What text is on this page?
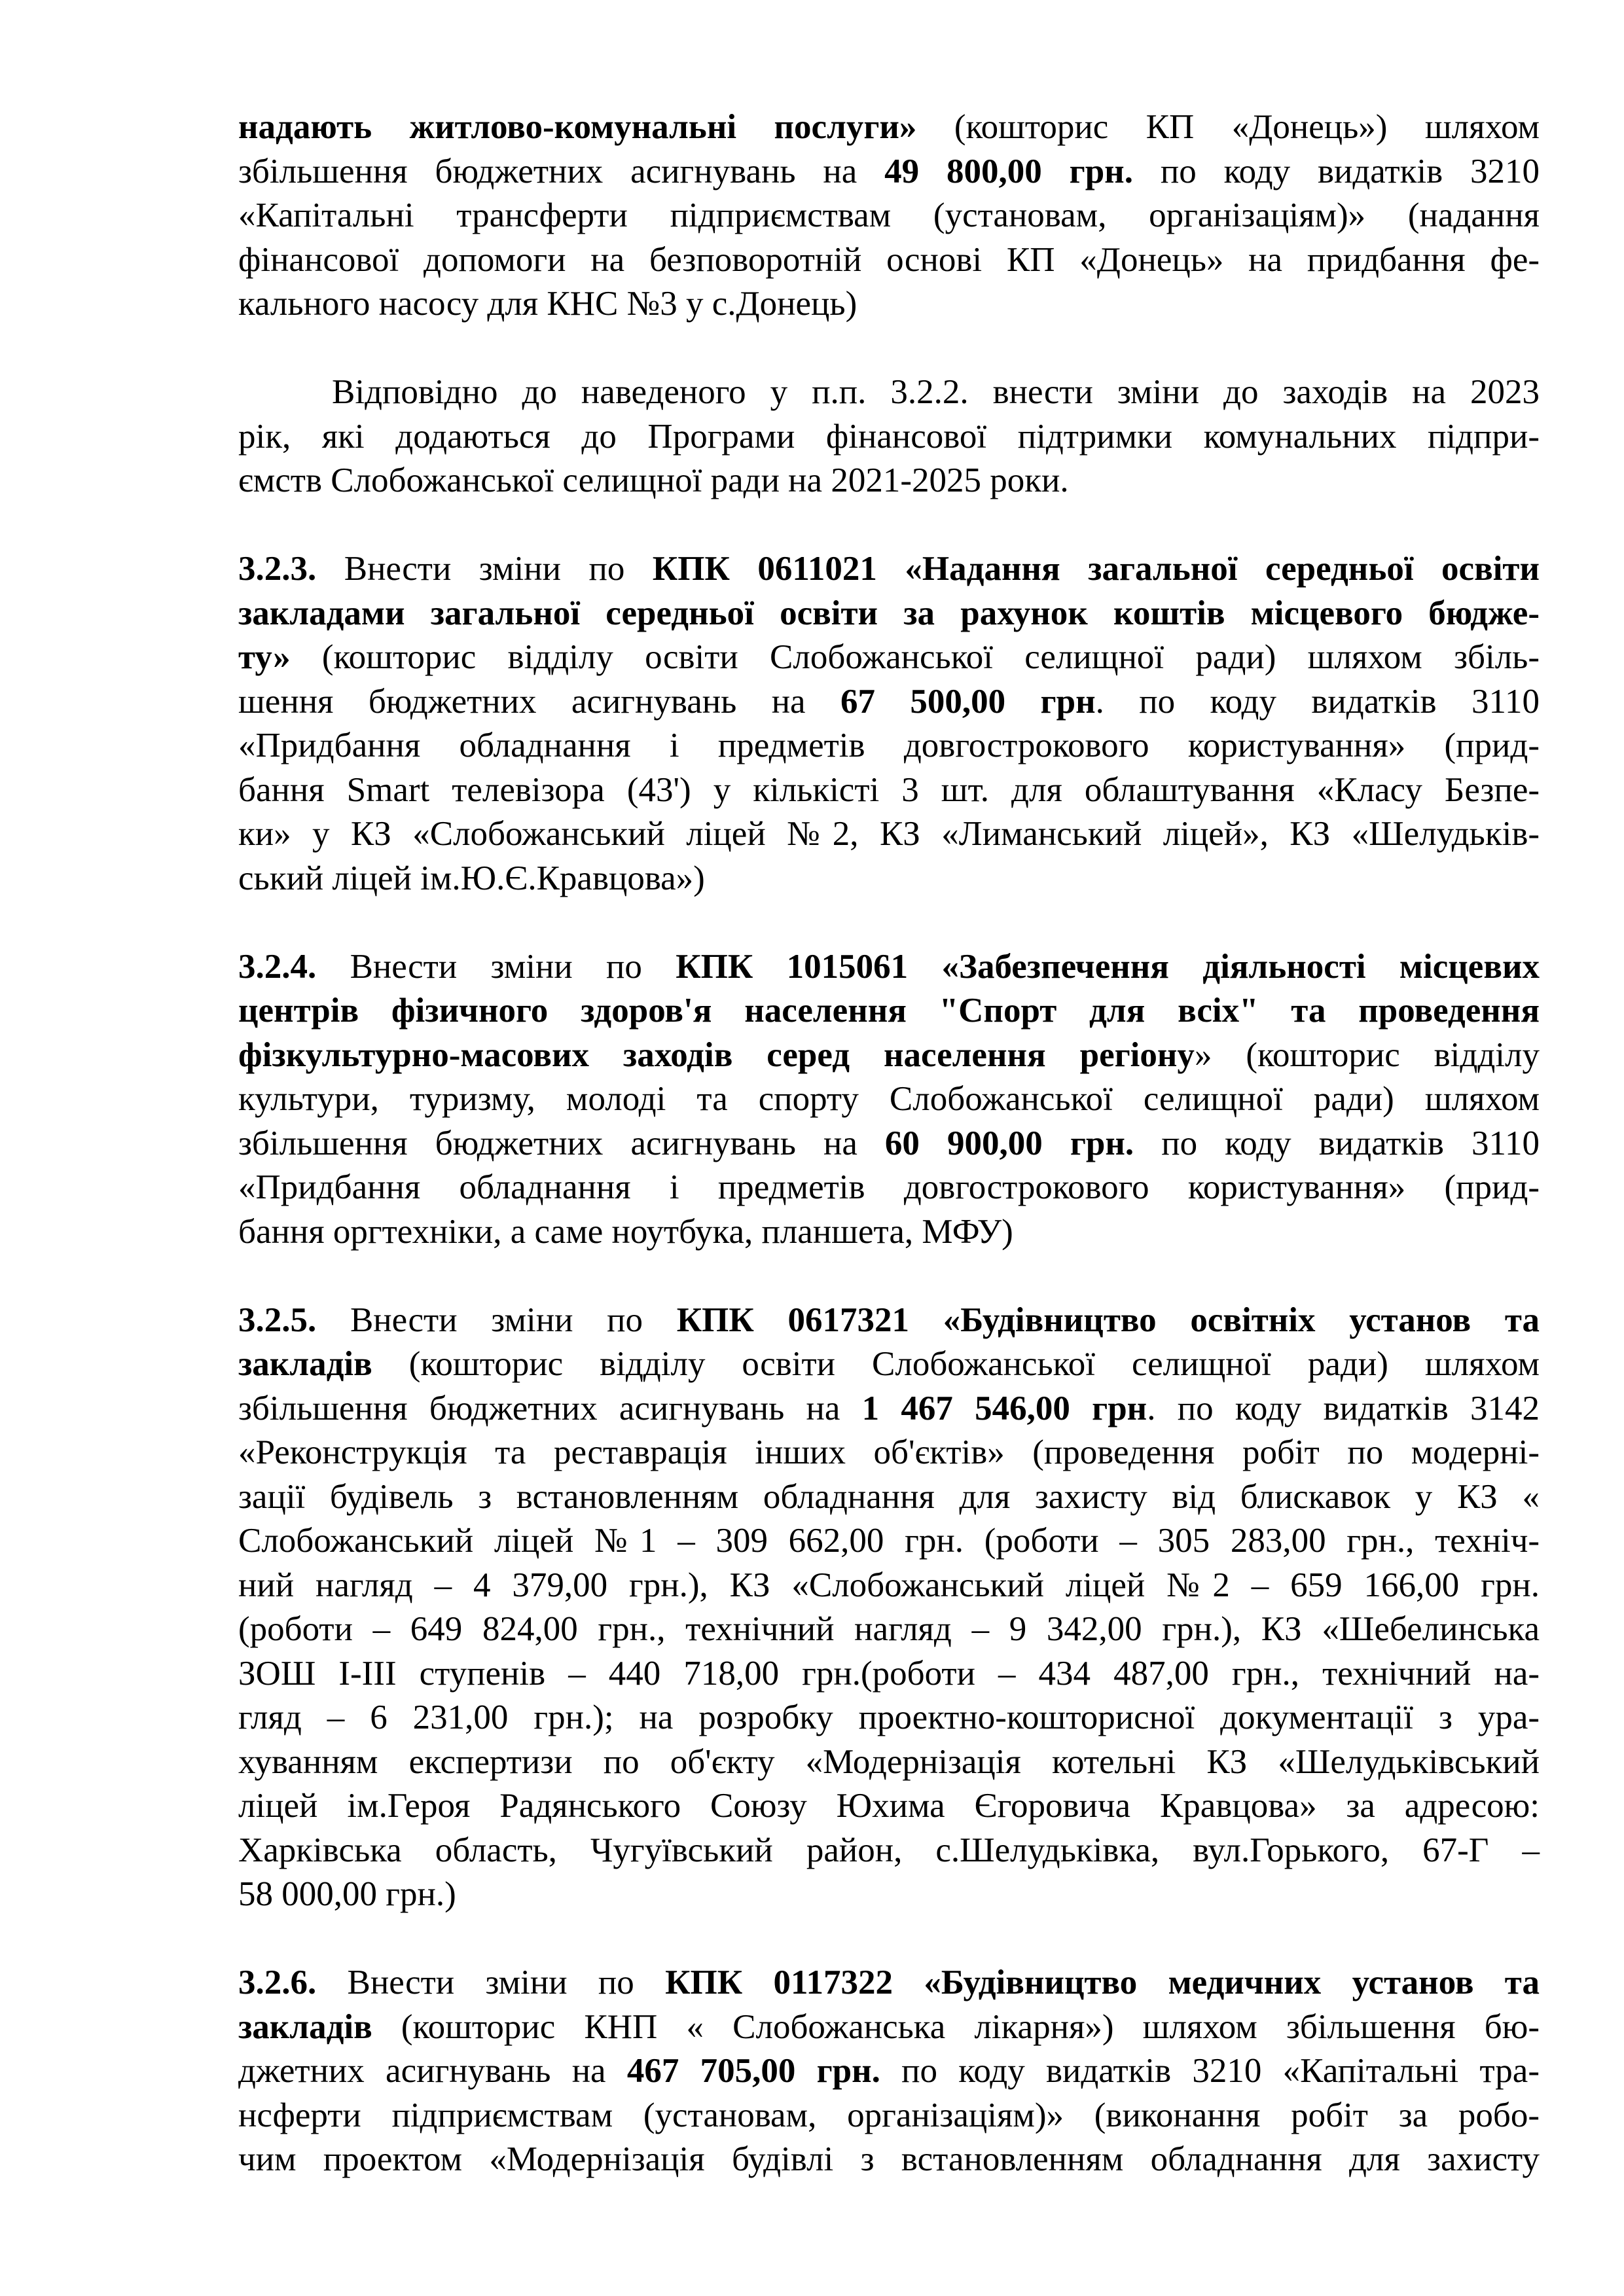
надають житлово-комунальні послуги» (кошторис КП «Донець») шляхом
збільшення бюджетних асигнувань на 49 800,00 грн. по коду видатків 3210
«Капітальні трансферти підприємствам (установам, організаціям)» (надання
фінансової допомоги на безповоротній основі КП «Донець» на придбання фе-
кального насосу для КНС №3 у с.Донець)
Відповідно до наведеного у п.п. 3.2.2. внести зміни до заходів на 2023
рік, які додаються до Програми фінансової підтримки комунальних підпри-
ємств Слобожанської селищної ради на 2021-2025 роки.
3.2.3. Внести зміни по КПК 0611021 «Надання загальної середньої освіти
закладами загальної середньої освіти за рахунок коштів місцевого бюдже-
ту» (кошторис відділу освіти Слобожанської селищної ради) шляхом збіль-
шення бюджетних асигнувань на 67 500,00 грн. по коду видатків 3110
«Придбання обладнання і предметів довгострокового користування» (прид-
бання Smart телевізора (43') у кількісті 3 шт. для облаштування «Класу Безпе-
ки» у КЗ «Слобожанський ліцей №2, КЗ «Лиманський ліцей», КЗ «Шелудьків-
ський ліцей ім.Ю.Є.Кравцова»)
3.2.4. Внести зміни по КПК 1015061 «Забезпечення діяльності місцевих
центрів фізичного здоров'я населення "Спорт для всіх" та проведення
фізкультурно-масових заходів серед населення регіону» (кошторис відділу
культури, туризму, молоді та спорту Слобожанської селищної ради) шляхом
збільшення бюджетних асигнувань на 60 900,00 грн. по коду видатків 3110
«Придбання обладнання і предметів довгострокового користування» (прид-
бання оргтехніки, а саме ноутбука, планшета, МФУ)
3.2.5. Внести зміни по КПК 0617321 «Будівництво освітніх установ та
закладів (кошторис відділу освіти Слобожанської селищної ради) шляхом
збільшення бюджетних асигнувань на 1 467 546,00 грн. по коду видатків 3142
«Реконструкція та реставрація інших об'єктів» (проведення робіт по модерні-
зації будівель з встановленням обладнання для захисту від блискавок у КЗ «
Слобожанський ліцей №1 – 309 662,00 грн. (роботи – 305 283,00 грн., техніч-
ний нагляд – 4 379,00 грн.), КЗ «Слобожанський ліцей №2 – 659 166,00 грн.
(роботи – 649 824,00 грн., технічний нагляд – 9 342,00 грн.), КЗ «Шебелинська
ЗОШ І-ІІІ ступенів – 440 718,00 грн.(роботи – 434 487,00 грн., технічний на-
гляд – 6 231,00 грн.); на розробку проектно-кошторисної документації з ура-
хуванням експертизи по об'єкту «Модернізація котельні КЗ «Шелудьківський
ліцей ім.Героя Радянського Союзу Юхима Єгоровича Кравцова» за адресою:
Харківська область, Чугуївський район, с.Шелудьківка, вул.Горького, 67-Г –
58 000,00 грн.)
3.2.6. Внести зміни по КПК 0117322 «Будівництво медичних установ та
закладів (кошторис КНП « Слобожанська лікарня») шляхом збільшення бю-
джетних асигнувань на 467 705,00 грн. по коду видатків 3210 «Капітальні тра-
нсферти підприємствам (установам, організаціям)» (виконання робіт за робо-
чим проектом «Модернізація будівлі з встановленням обладнання для захисту
